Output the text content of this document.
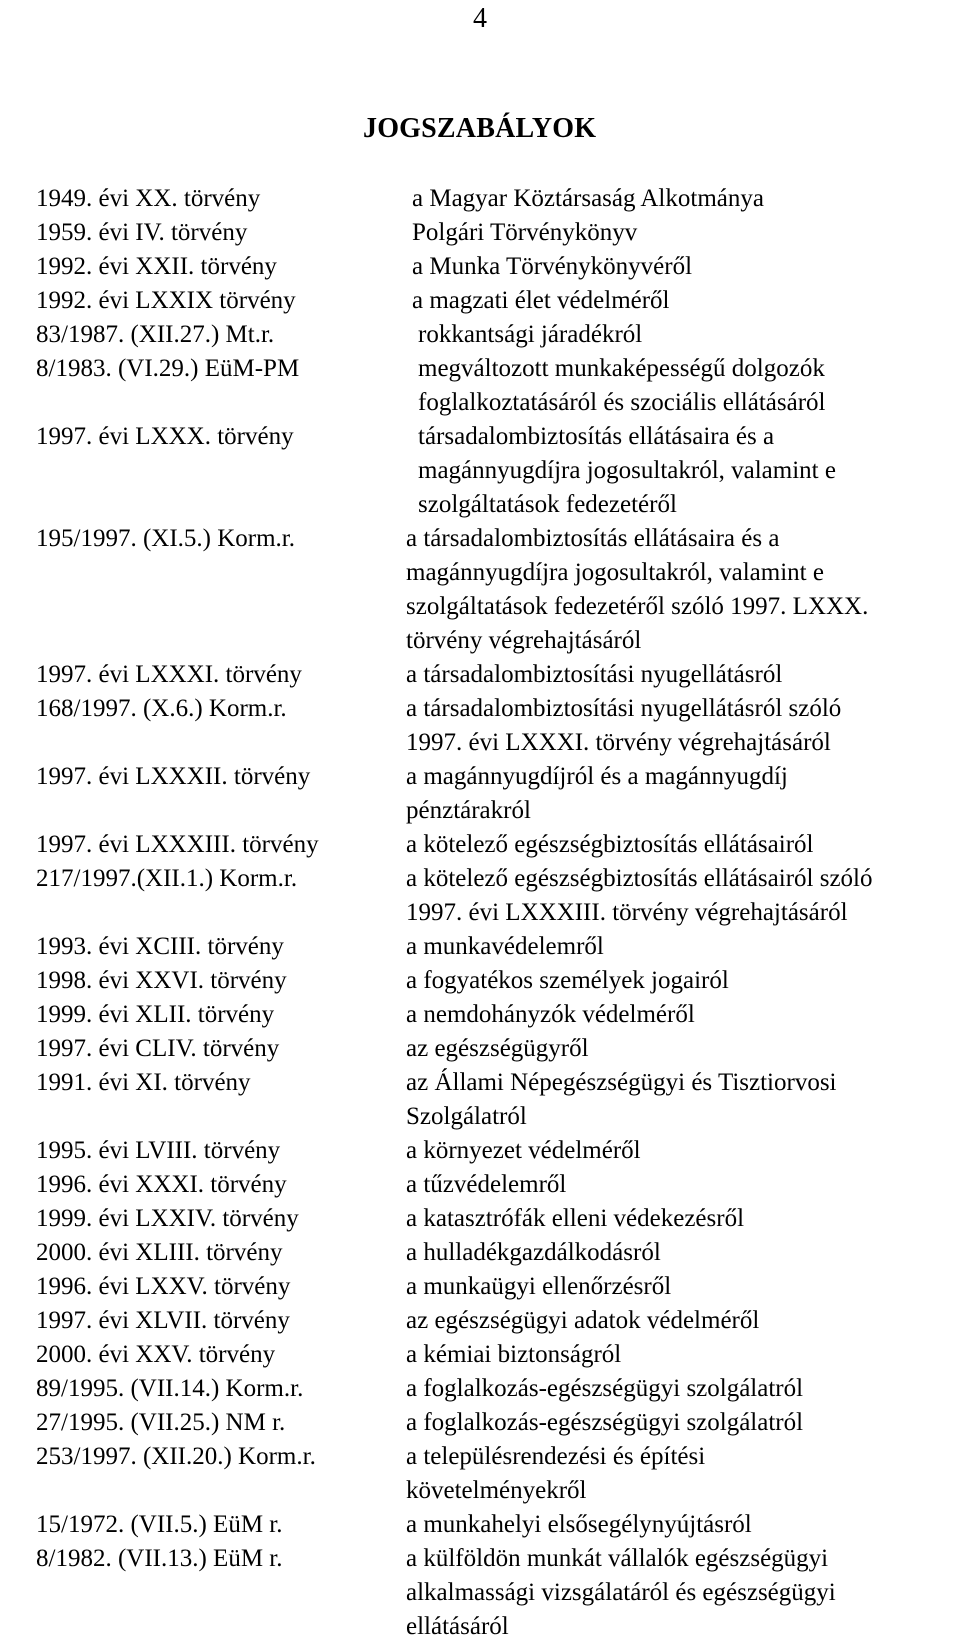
4
JOGSZABÁLYOK
1949. évi XX. törvény	a Magyar Köztársaság Alkotmánya
1959. évi IV. törvény	Polgári Törvénykönyv
1992. évi XXII. törvény	a Munka Törvénykönyvéről
1992. évi LXXIX törvény	a magzati élet védelméről
83/1987. (XII.27.) Mt.r.	rokkantsági járadékról
8/1983. (VI.29.) EüM-PM	megváltozott munkaképességű dolgozók
foglalkoztatásáról és szociális ellátásáról
1997. évi LXXX. törvény	társadalombiztosítás ellátásaira és a
magánnyugdíjra jogosultakról, valamint e
szolgáltatások fedezetéről
195/1997. (XI.5.) Korm.r.	a társadalombiztosítás ellátásaira és a
magánnyugdíjra jogosultakról, valamint e
szolgáltatások fedezetéről szóló 1997. LXXX.
törvény végrehajtásáról
1997. évi LXXXI. törvény	a társadalombiztosítási nyugellátásról
168/1997. (X.6.) Korm.r.	a társadalombiztosítási nyugellátásról szóló
1997. évi LXXXI. törvény végrehajtásáról
1997. évi LXXXII. törvény	a magánnyugdíjról és a magánnyugdíj
pénztárakról
1997. évi LXXXIII. törvény	a kötelező egészségbiztosítás ellátásairól
217/1997.(XII.1.) Korm.r.	a kötelező egészségbiztosítás ellátásairól szóló
1997. évi LXXXIII. törvény végrehajtásáról
1993. évi XCIII. törvény	a munkavédelemről
1998. évi XXVI. törvény	a fogyatékos személyek jogairól
1999. évi XLII. törvény	a nemdohányzók védelméről
1997. évi CLIV. törvény	az egészségügyről
1991. évi XI. törvény	az Állami Népegészségügyi és Tisztiorvosi
Szolgálatról
1995. évi LVIII. törvény	a környezet védelméről
1996. évi XXXI. törvény	a tűzvédelemről
1999. évi LXXIV. törvény	a katasztrófák elleni védekezésről
2000. évi XLIII. törvény	a hulladékgazdálkodásról
1996. évi LXXV. törvény	a munkaügyi ellenőrzésről
1997. évi XLVII. törvény	az egészségügyi adatok védelméről
2000. évi XXV. törvény	a kémiai biztonságról
89/1995. (VII.14.) Korm.r.	a foglalkozás-egészségügyi szolgálatról
27/1995. (VII.25.) NM r.	a foglalkozás-egészségügyi szolgálatról
253/1997. (XII.20.) Korm.r.	a településrendezési és építési
követelményekről
15/1972. (VII.5.) EüM r.	a munkahelyi elsősegélynyújtásról
8/1982. (VII.13.) EüM r.	a külföldön munkát vállalók egészségügyi
alkalmassági vizsgálatáról és egészségügyi
ellátásáról
